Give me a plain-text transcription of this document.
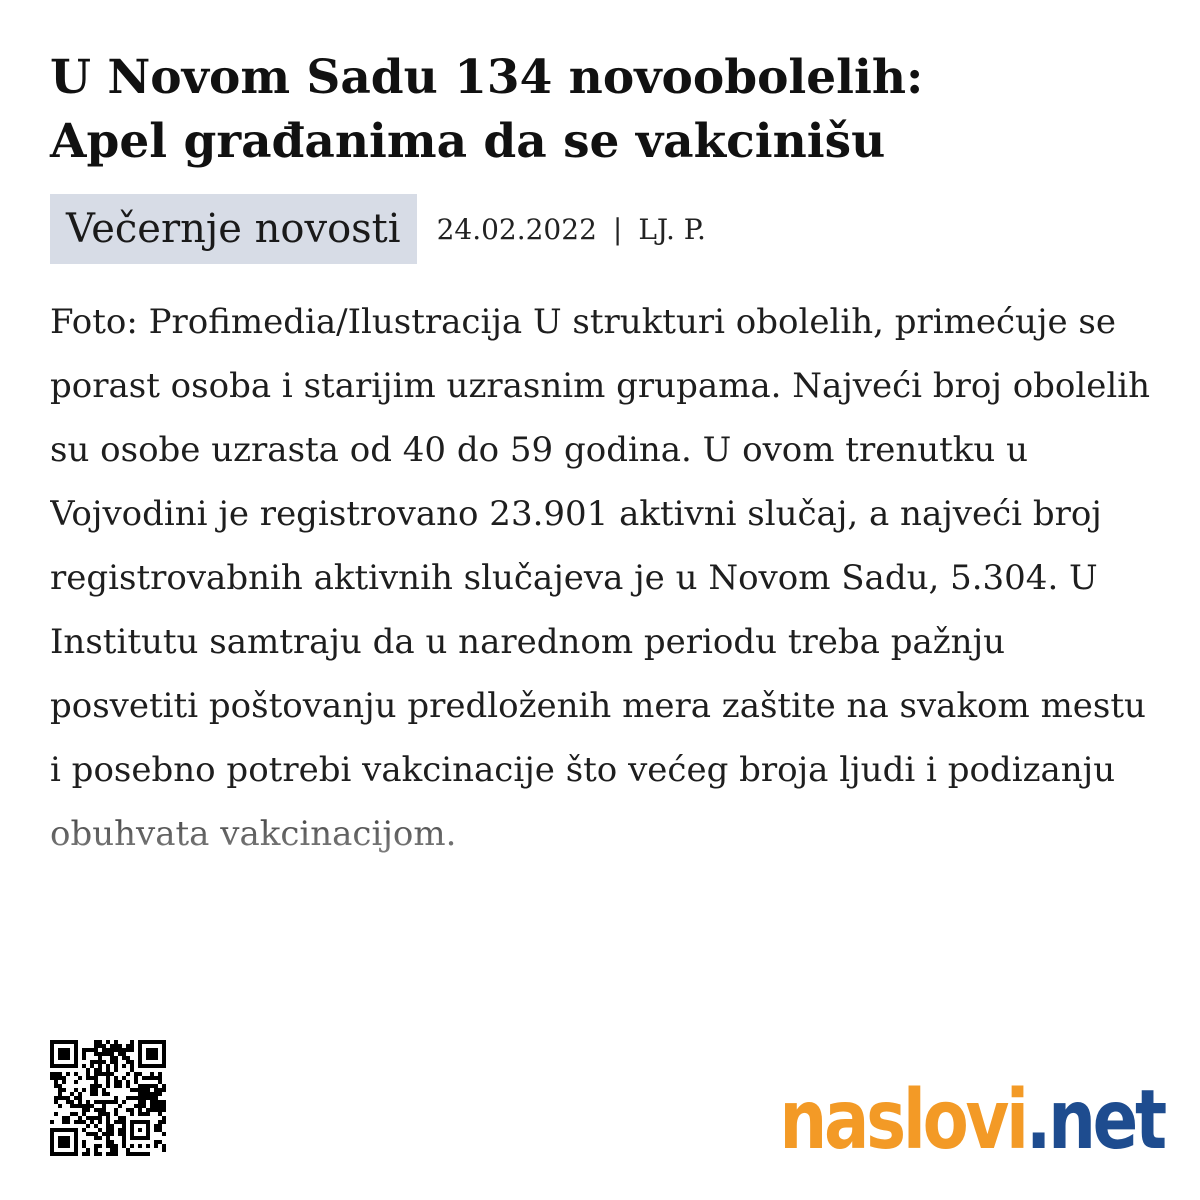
U Novom Sadu 134 novoobolelih:
Apel građanima da se vakcinišu
Večernje novosti	24.02.2022 | LJ. P.

Foto: Profimedia/Ilustracija U strukturi obolelih, primećuje se porast osoba i starijim uzrasnim grupama. Najveći broj obolelih su osobe uzrasta od 40 do 59 godina. U ovom trenutku u Vojvodini je registrovano 23.901 aktivni slučaj, a najveći broj registrovabnih aktivnih slučajeva je u Novom Sadu, 5.304. U Institutu samtraju da u narednom periodu treba pažnju posvetiti poštovanju predloženih mera zaštite na svakom mestu i posebno potrebi vakcinacije što većeg broja ljudi i podizanju obuhvata vakcinacijom.

naslovi .net
